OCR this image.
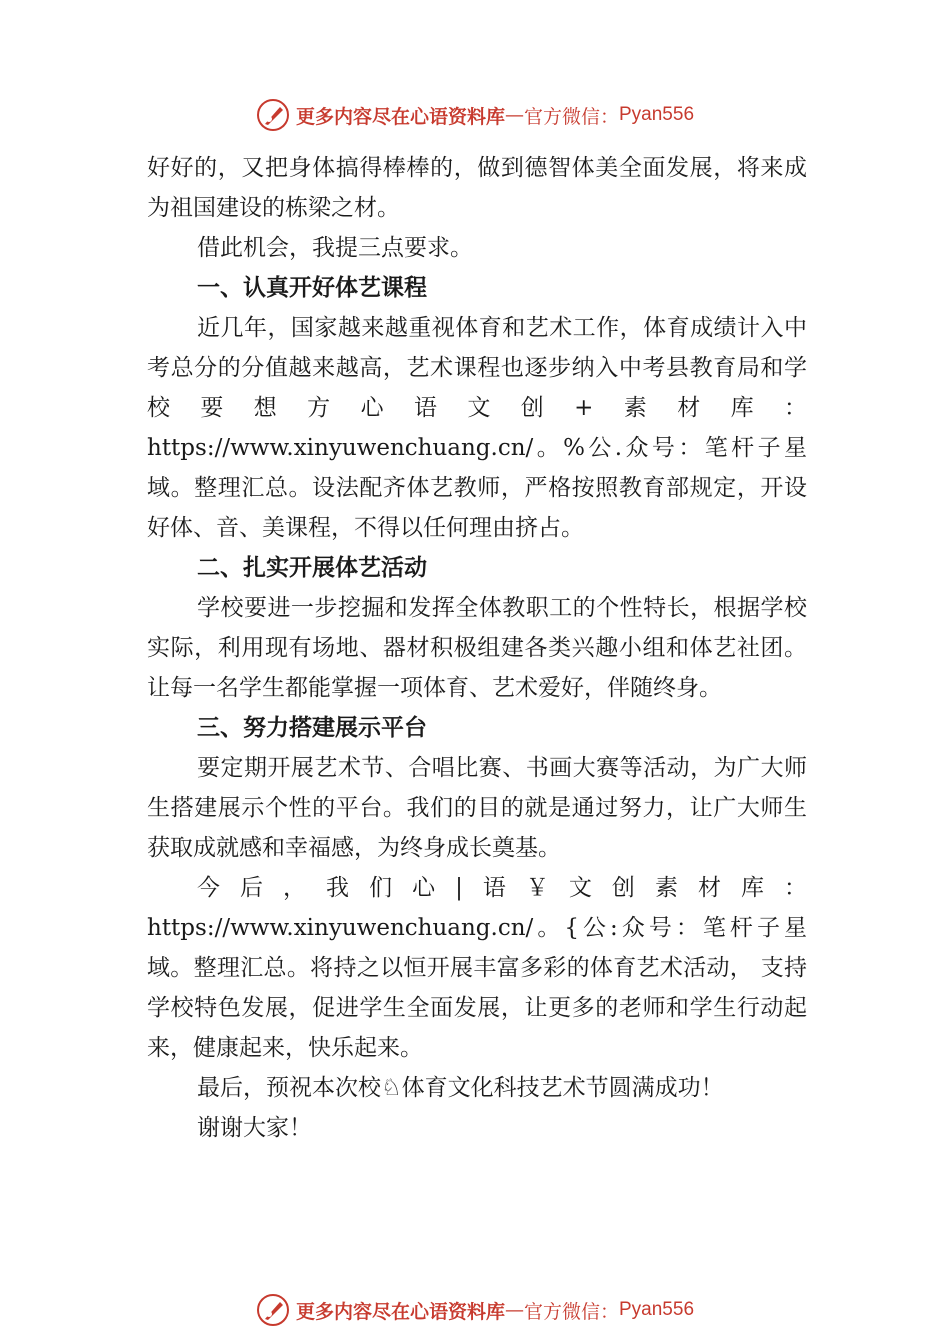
更多内容尽在心语资料库 — 官方微信： Pyan556

好好的，又把身体搞得棒棒的，做到德智体美全面发展，将来成为祖国建设的栋梁之材。

借此机会，我提三点要求。

一、认真开好体艺课程

近几年，国家越来越重视体育和艺术工作，体育成绩计入中考总分的分值越来越高，艺术课程也逐步纳入中考县教育局和学校要想方心语文创+素材库：https://www.xinyuwenchuang.cn/。%公.众号：笔杆子星域。整理汇总。设法配齐体艺教师，严格按照教育部规定，开设好体、音、美课程，不得以任何理由挤占。

二、扎实开展体艺活动

学校要进一步挖掘和发挥全体教职工的个性特长，根据学校实际，利用现有场地、器材积极组建各类兴趣小组和体艺社团。让每一名学生都能掌握一项体育、艺术爱好，伴随终身。

三、努力搭建展示平台

要定期开展艺术节、合唱比赛、书画大赛等活动，为广大师生搭建展示个性的平台。我们的目的就是通过努力，让广大师生获取成就感和幸福感，为终身成长奠基。

今后，我们心|语￥文创素材库：https://www.xinyuwenchuang.cn/。{公:众号：笔杆子星域。整理汇总。将持之以恒开展丰富多彩的体育艺术活动， 支持学校特色发展，促进学生全面发展，让更多的老师和学生行动起来，健康起来，快乐起来。

最后，预祝本次校♘体育文化科技艺术节圆满成功！

谢谢大家！

更多内容尽在心语资料库 — 官方微信： Pyan556
